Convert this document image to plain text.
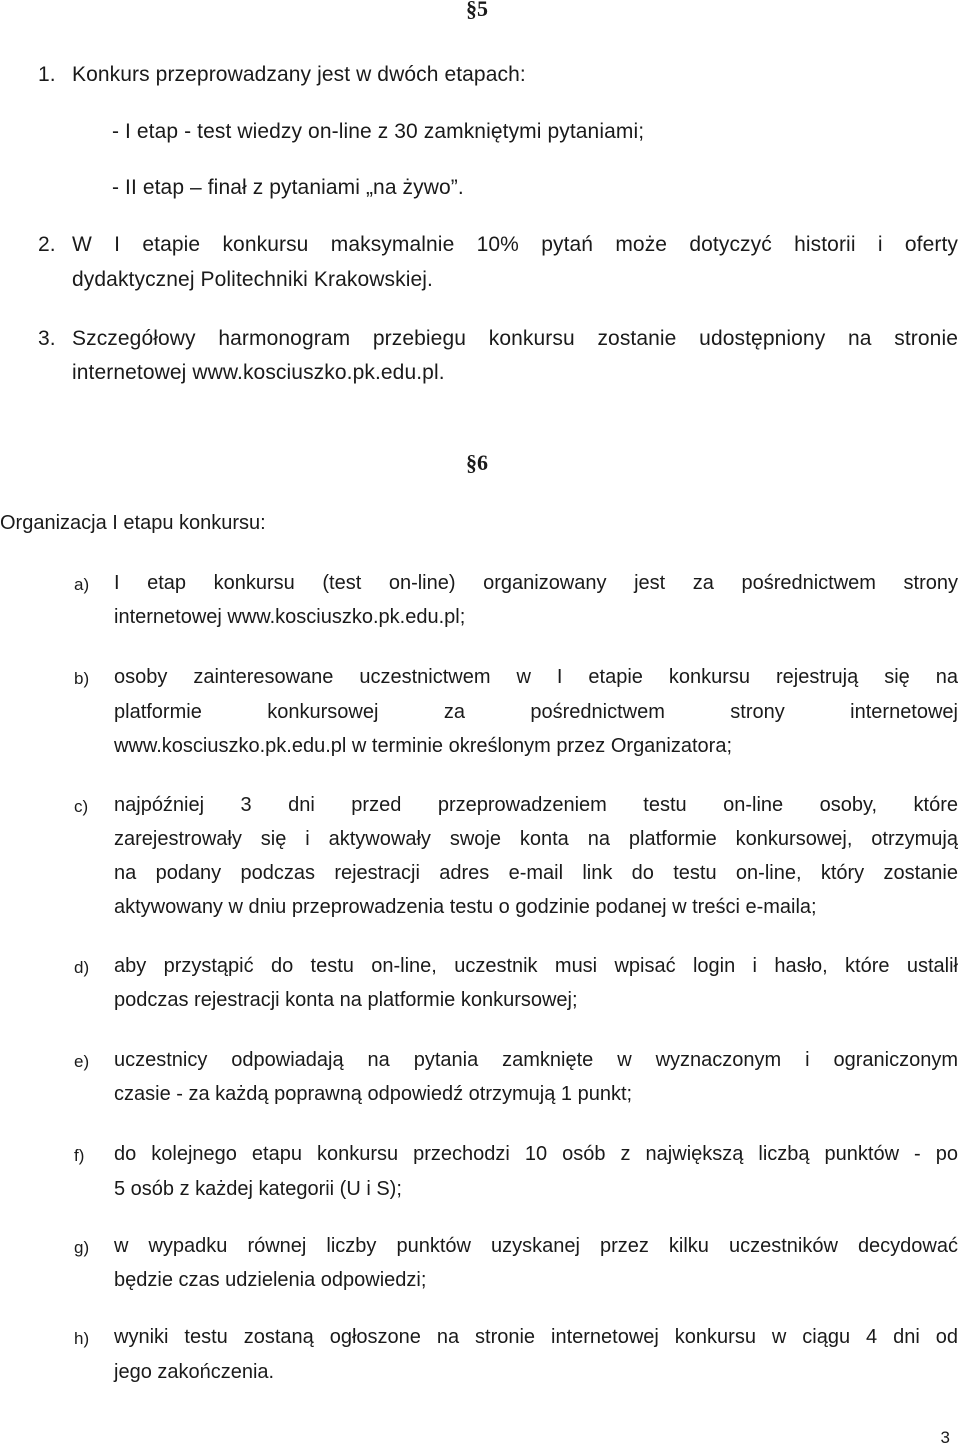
§5
1. Konkurs przeprowadzany jest w dwóch etapach:
- I etap - test wiedzy on-line z 30 zamkniętymi pytaniami;
- II etap – finał z pytaniami „na żywo”.
2. W I etapie konkursu maksymalnie 10% pytań może dotyczyć historii i oferty
dydaktycznej Politechniki Krakowskiej.
3. Szczegółowy harmonogram przebiegu konkursu zostanie udostępniony na stronie
internetowej www.kosciuszko.pk.edu.pl.
§6
Organizacja I etapu konkursu:
a) I etap konkursu (test on-line) organizowany jest za pośrednictwem strony
internetowej www.kosciuszko.pk.edu.pl;
b) osoby zainteresowane uczestnictwem w I etapie konkursu rejestrują się na
platformie konkursowej za pośrednictwem strony internetowej
www.kosciuszko.pk.edu.pl w terminie określonym przez Organizatora;
c) najpóźniej 3 dni przed przeprowadzeniem testu on-line osoby, które
zarejestrowały się i aktywowały swoje konta na platformie konkursowej, otrzymują
na podany podczas rejestracji adres e-mail link do testu on-line, który zostanie
aktywowany w dniu przeprowadzenia testu o godzinie podanej w treści e-maila;
d) aby przystąpić do testu on-line, uczestnik musi wpisać login i hasło, które ustalił
podczas rejestracji konta na platformie konkursowej;
e) uczestnicy odpowiadają na pytania zamknięte w wyznaczonym i ograniczonym
czasie - za każdą poprawną odpowiedź otrzymują 1 punkt;
f) do kolejnego etapu konkursu przechodzi 10 osób z największą liczbą punktów - po
5 osób z każdej kategorii (U i S);
g) w wypadku równej liczby punktów uzyskanej przez kilku uczestników decydować
będzie czas udzielenia odpowiedzi;
h) wyniki testu zostaną ogłoszone na stronie internetowej konkursu w ciągu 4 dni od
jego zakończenia.
3
